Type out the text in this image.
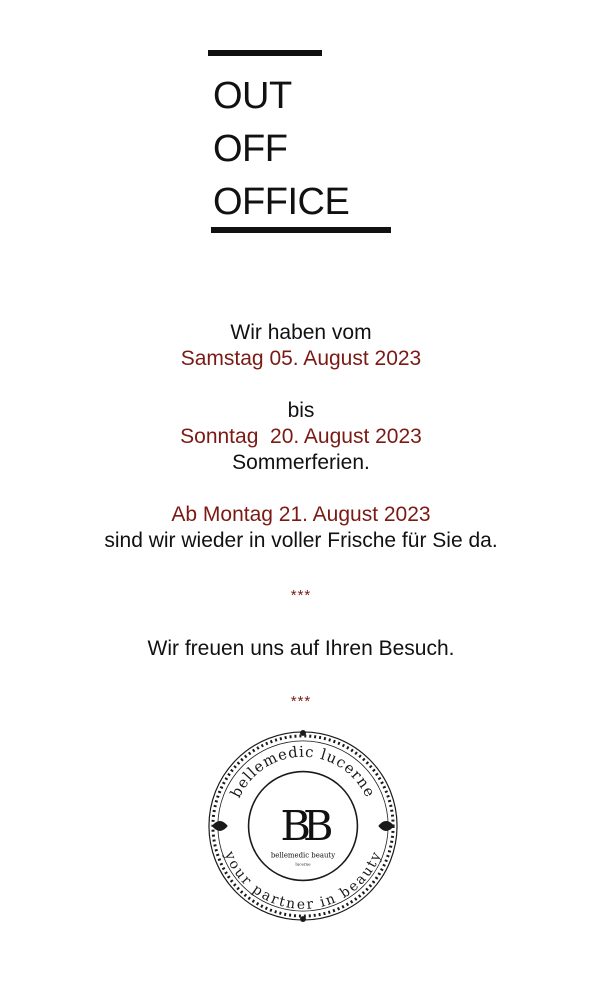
OUT
OFF
OFFICE
Wir haben vom
Samstag 05. August 2023
bis
Sonntag  20. August 2023
Sommerferien.
Ab Montag 21. August 2023
sind wir wieder in voller Frische für Sie da.
***
Wir freuen uns auf Ihren Besuch.
***
bellemedic lucerne
your partner in beauty
BB
bellemedic beauty
lucerne
